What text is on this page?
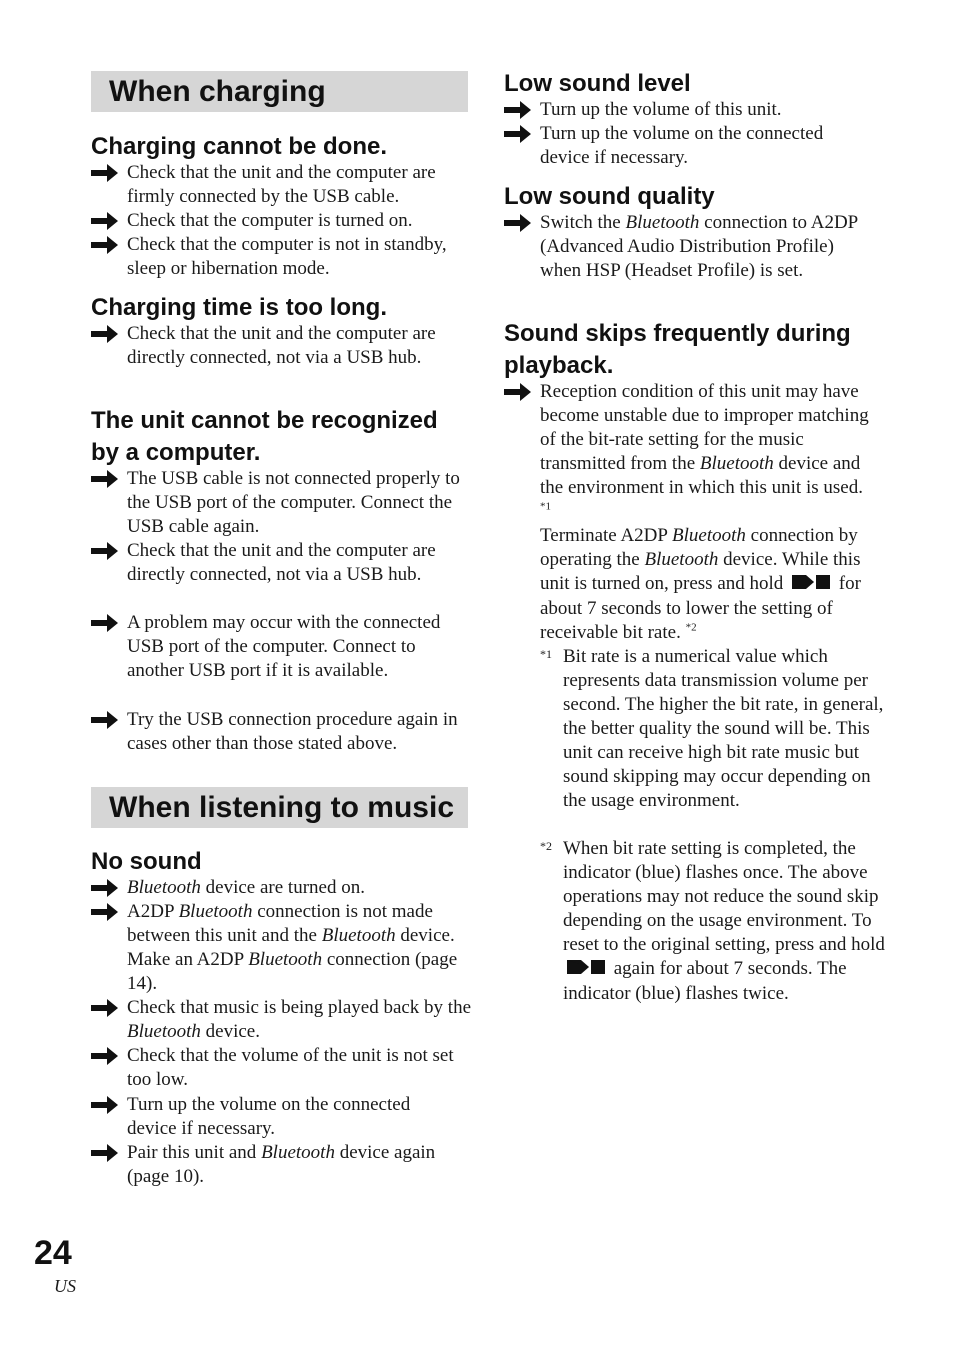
When charging
Charging cannot be done.
Check that the unit and the computer are firmly connected by the USB cable.
Check that the computer is turned on.
Check that the computer is not in standby, sleep or hibernation mode.
Charging time is too long.
Check that the unit and the computer are directly connected, not via a USB hub.
The unit cannot be recognized
by a computer.
The USB cable is not connected properly to the USB port of the computer. Connect the USB cable again.
Check that the unit and the computer are directly connected, not via a USB hub.
A problem may occur with the connected USB port of the computer. Connect to another USB port if it is available.
Try the USB connection procedure again in cases other than those stated above.
When listening to music
No sound
Bluetooth device are turned on.
A2DP Bluetooth connection is not made between this unit and the Bluetooth device. Make an A2DP Bluetooth connection (page 14).
Check that music is being played back by the Bluetooth device.
Check that the volume of the unit is not set too low.
Turn up the volume on the connected device if necessary.
Pair this unit and Bluetooth device again (page 10).
Low sound level
Turn up the volume of this unit.
Turn up the volume on the connected device if necessary.
Low sound quality
Switch the Bluetooth connection to A2DP (Advanced Audio Distribution Profile) when HSP (Headset Profile) is set.
Sound skips frequently during
playback.
Reception condition of this unit may have become unstable due to improper matching of the bit-rate setting for the music transmitted from the Bluetooth device and the environment in which this unit is used. $^{*1}$
Terminate A2DP Bluetooth connection by operating the Bluetooth device. While this unit is turned on, press and hold  for about 7 seconds to lower the setting of receivable bit rate. $^{*2}$
*1 Bit rate is a numerical value which represents data transmission volume per second. The higher the bit rate, in general, the better quality the sound will be. This unit can receive high bit rate music but sound skipping may occur depending on the usage environment.
*2 When bit rate setting is completed, the indicator (blue) flashes once. The above operations may not reduce the sound skip depending on the usage environment. To reset to the original setting, press and hold  again for about 7 seconds. The indicator (blue) flashes twice.
24
US
